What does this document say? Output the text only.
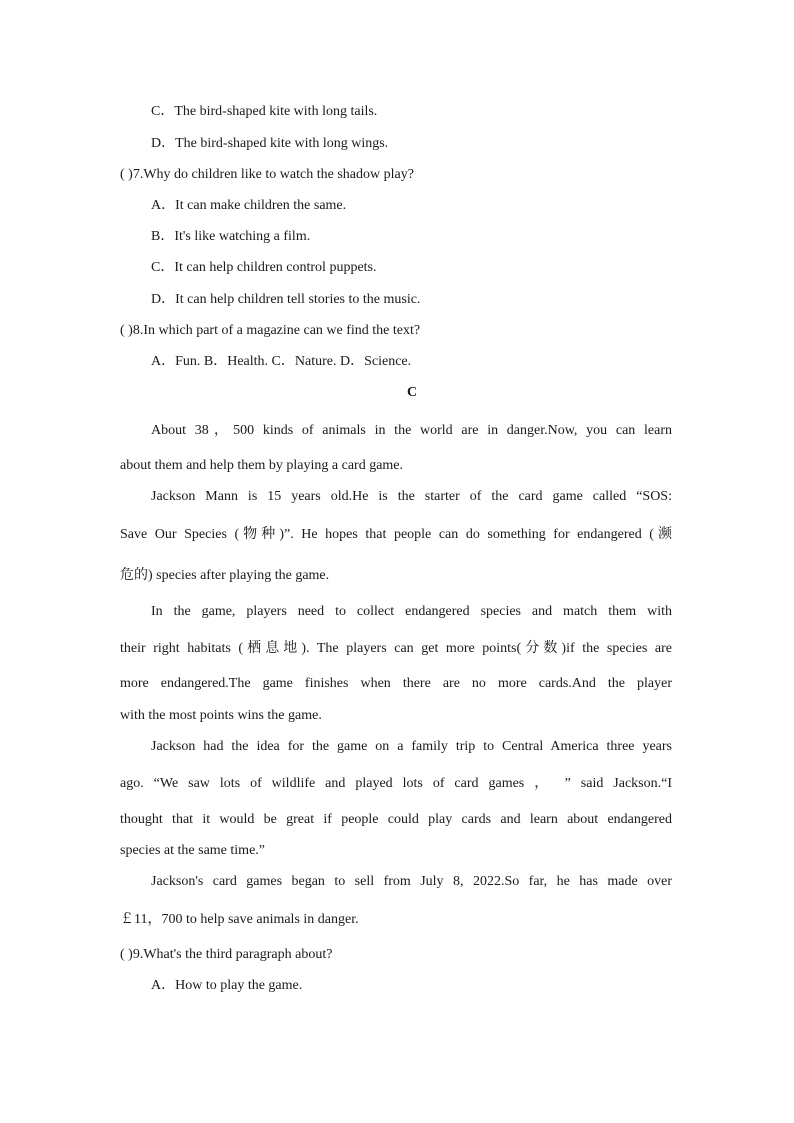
C．The bird-shaped kite with long tails.
D．The bird-shaped kite with long wings.
( )7.Why do children like to watch the shadow play?
A．It can make children the same.
B．It's like watching a film.
C．It can help children control puppets.
D．It can help children tell stories to the music.
( )8.In which part of a magazine can we find the text?
A．Fun. B．Health. C．Nature. D．Science.
C
About 38，500 kinds of animals in the world are in danger.Now, you can learn
about them and help them by playing a card game.
Jackson Mann is 15 years old.He is the starter of the card game called “SOS:
Save Our Species (物种)”. He hopes that people can do something for endangered (濒
危的) species after playing the game.
In the game, players need to collect endangered species and match them with
their right habitats (栖息地). The players can get more points(分数)if the species are
more endangered.The game finishes when there are no more cards.And the player
with the most points wins the game.
Jackson had the idea for the game on a family trip to Central America three years
ago. “We saw lots of wildlife and played lots of card games ， ” said Jackson.“I
thought that it would be great if people could play cards and learn about endangered
species at the same time.”
Jackson's card games began to sell from July 8, 2022.So far, he has made over
￡11，700 to help save animals in danger.
( )9.What's the third paragraph about?
A．How to play the game.
